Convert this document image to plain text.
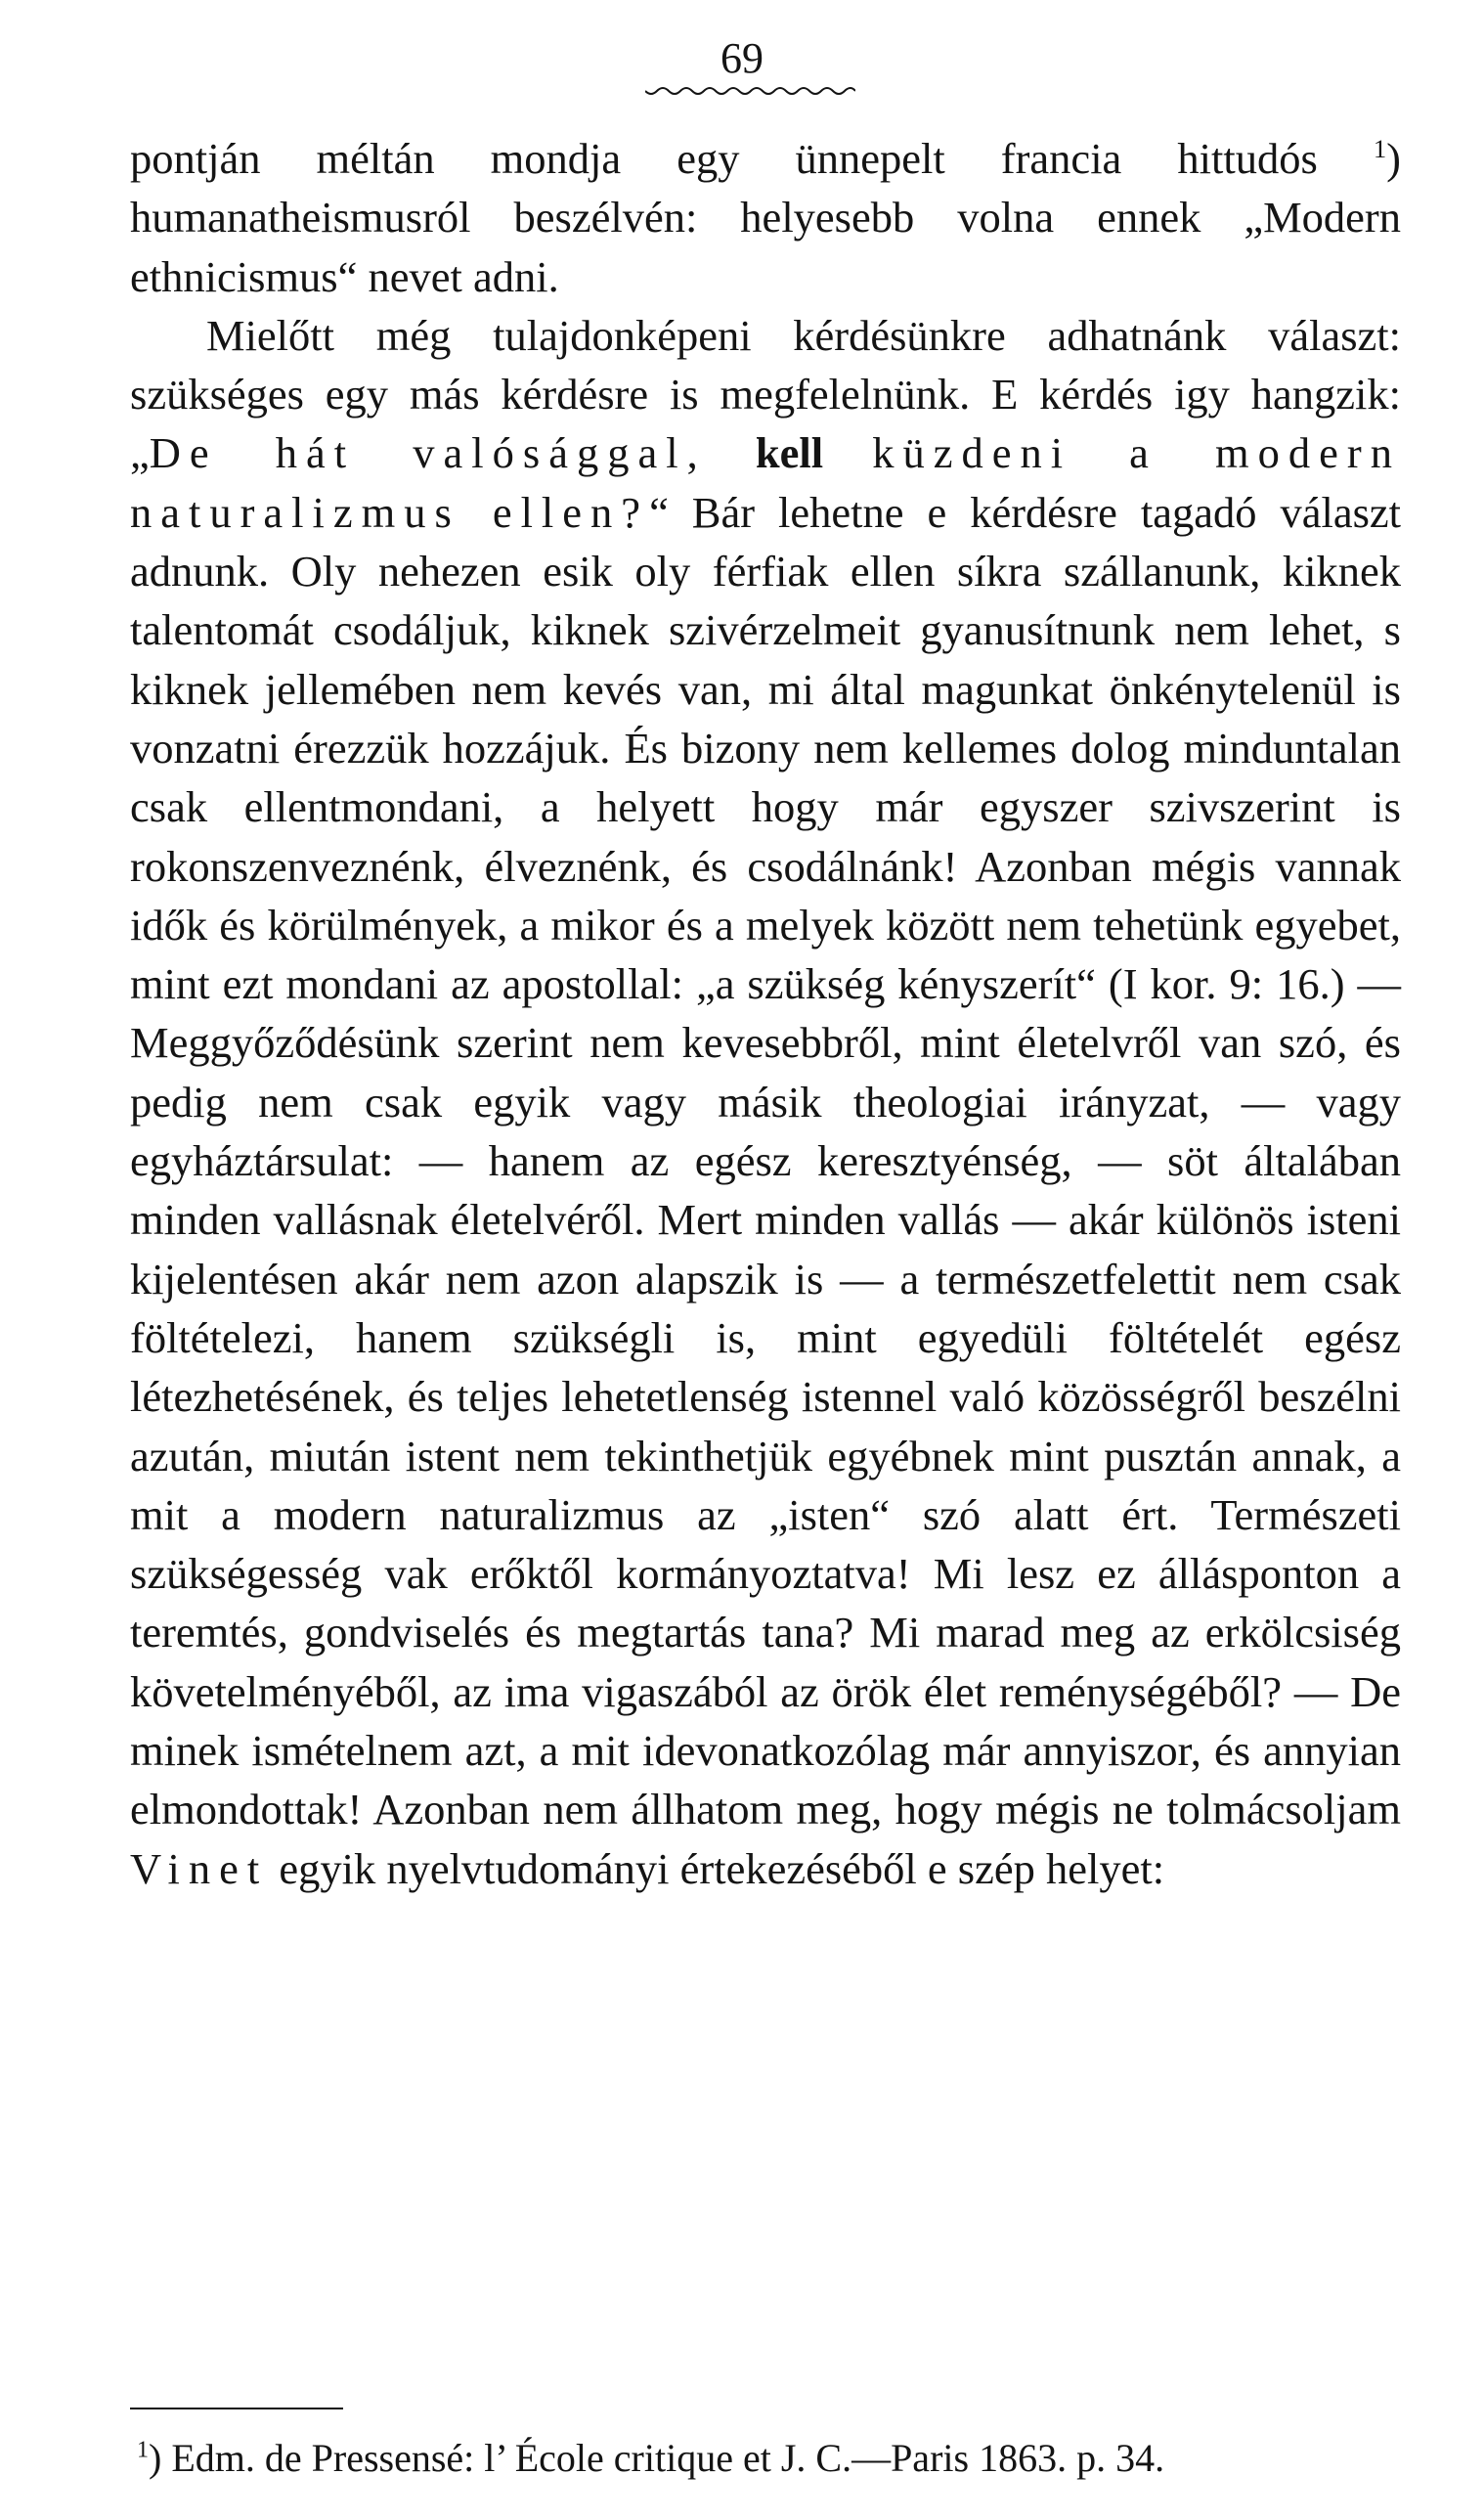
69

pontján méltán mondja egy ünnepelt francia hittudós $^1$) humanatheismusról beszélvén: helyesebb volna ennek „Modern ethnicismus“ nevet adni.

Mielőtt még tulajdonképeni kérdésünkre adhatnánk választ: szükséges egy más kérdésre is megfelelnünk. E kérdés igy hangzik: „De hát valósággal, kell küzdeni a modern naturalizmus ellen?“ Bár lehetne e kérdésre tagadó választ adnunk. Oly nehezen esik oly férfiak ellen síkra szállanunk, kiknek talentomát csodáljuk, kiknek szivérzelmeit gyanusítnunk nem lehet, s kiknek jellemében nem kevés van, mi által magunkat önkénytelenül is vonzatni érezzük hozzájuk. És bizony nem kellemes dolog minduntalan csak ellentmondani, a helyett hogy már egyszer szivszerint is rokonszenveznénk, élveznénk, és csodálnánk! Azonban mégis vannak idők és körülmények, a mikor és a melyek között nem tehetünk egyebet, mint ezt mondani az apostollal: „a szükség kényszerít“ (I kor. 9: 16.) — Meggyőződésünk szerint nem kevesebbről, mint életelvről van szó, és pedig nem csak egyik vagy másik theologiai irányzat, — vagy egyháztársulat: — hanem az egész keresztyénség, — söt általában minden vallásnak életelvéről. Mert minden vallás — akár különös isteni kijelentésen akár nem azon alapszik is — a természetfelettit nem csak föltételezi, hanem szükségli is, mint egyedüli föltételét egész létezhetésének, és teljes lehetetlenség istennel való közösségről beszélni azután, miután istent nem tekinthetjük egyébnek mint pusztán annak, a mit a modern naturalizmus az „isten“ szó alatt ért. Természeti szükségesség vak erőktől kormányoztatva! Mi lesz ez állásponton a teremtés, gondviselés és megtartás tana? Mi marad meg az erkölcsiség követelményéből, az ima vigaszából az örök élet reménységéből? — De minek ismételnem azt, a mit idevonatkozólag már annyiszor, és annyian elmondottak! Azonban nem állhatom meg, hogy mégis ne tolmácsoljam Vinet egyik nyelvtudományi értekezéséből e szép helyet:

$^1$) Edm. de Pressensé: l’ École critique et J. C.—Paris 1863. p. 34.
